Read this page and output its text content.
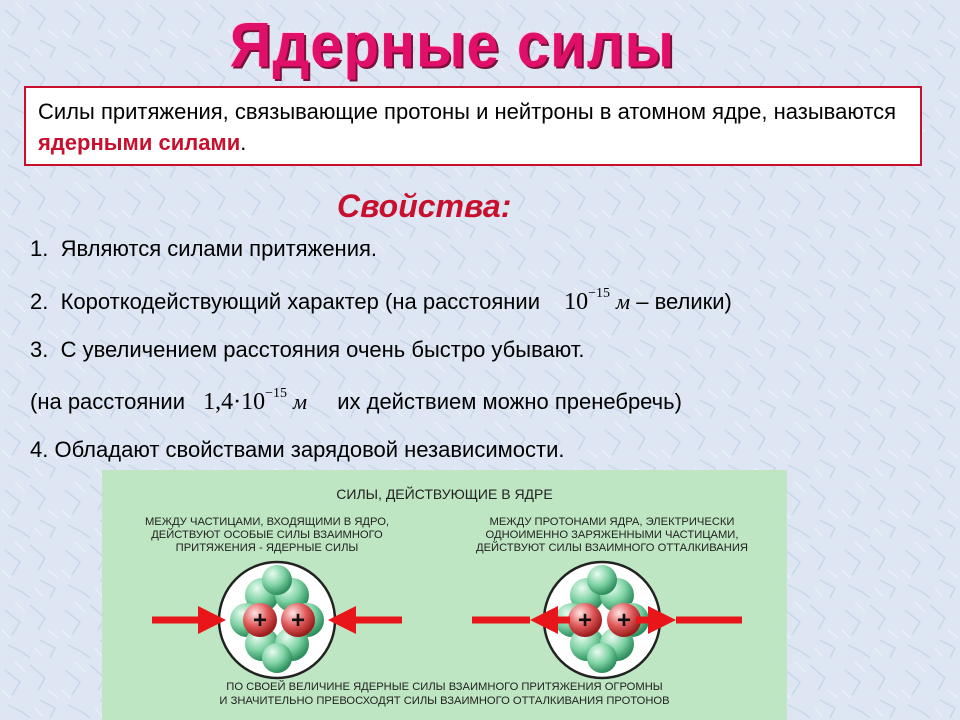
Ядерные силы
Силы притяжения, связывающие протоны и нейтроны в атомном ядре, называются ядерными силами.
Свойства:
1. Являются силами притяжения.
2. Короткодействующий характер (на расстоянии $10^{-15}$ м – велики)
3. С увеличением расстояния очень быстро убывают.
(на расстоянии $1,4\cdot 10^{-15}$ м их действием можно пренебречь)
4. Обладают свойствами зарядовой независимости.
СИЛЫ, ДЕЙСТВУЮЩИЕ В ЯДРЕ
МЕЖДУ ЧАСТИЦАМИ, ВХОДЯЩИМИ В ЯДРО,
ДЕЙСТВУЮТ ОСОБЫЕ СИЛЫ ВЗАИМНОГО
ПРИТЯЖЕНИЯ - ЯДЕРНЫЕ СИЛЫ
МЕЖДУ ПРОТОНАМИ ЯДРА, ЭЛЕКТРИЧЕСКИ
ОДНОИМЕННО ЗАРЯЖЕННЫМИ ЧАСТИЦАМИ,
ДЕЙСТВУЮТ СИЛЫ ВЗАИМНОГО ОТТАЛКИВАНИЯ
+ +	+ +
ПО СВОЕЙ ВЕЛИЧИНЕ ЯДЕРНЫЕ СИЛЫ ВЗАИМНОГО ПРИТЯЖЕНИЯ ОГРОМНЫ
И ЗНАЧИТЕЛЬНО ПРЕВОСХОДЯТ СИЛЫ ВЗАИМНОГО ОТТАЛКИВАНИЯ ПРОТОНОВ
